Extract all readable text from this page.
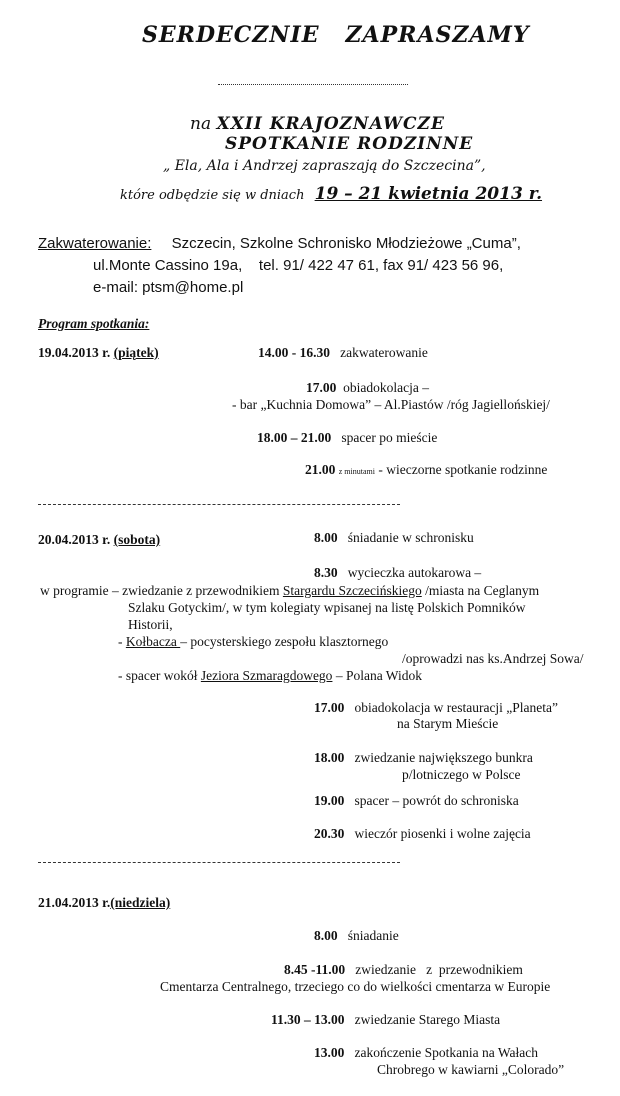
SERDECZNIE   ZAPRASZAMY
na XXII KRAJOZNAWCZE
SPOTKANIE RODZINNE
„ Ela, Ala i Andrzej zapraszają do Szczecina”,
które odbędzie się w dniach 19 – 21 kwietnia 2013 r.
Zakwaterowanie: Szczecin, Szkolne Schronisko Młodzieżowe „Cuma”,
ul.Monte Cassino 19a,    tel. 91/ 422 47 61, fax 91/ 423 56 96,
e-mail: ptsm@home.pl
Program spotkania:
19.04.2013 r. (piątek)	14.00 - 16.30 zakwaterowanie
17.00 obiadokolacja –
- bar „Kuchnia Domowa” – Al.Piastów /róg Jagiellońskiej/
18.00 – 21.00 spacer po mieście
21.00 z minutami - wieczorne spotkanie rodzinne
20.04.2013 r. (sobota)	8.00 śniadanie w schronisku
8.30 wycieczka autokarowa –
w programie – zwiedzanie z przewodnikiem Stargardu Szczecińskiego /miasta na Ceglanym
Szlaku Gotyckim/, w tym kolegiaty wpisanej na listę Polskich Pomników
Historii,
- Kołbacza – pocysterskiego zespołu klasztornego
/oprowadzi nas ks.Andrzej Sowa/
- spacer wokół Jeziora Szmaragdowego – Polana Widok
17.00 obiadokolacja w restauracji „Planeta”
na Starym Mieście
18.00 zwiedzanie największego bunkra
p/lotniczego w Polsce
19.00 spacer – powrót do schroniska
20.30 wieczór piosenki i wolne zajęcia
21.04.2013 r.(niedziela)
8.00 śniadanie
8.45 -11.00 zwiedzanie   z  przewodnikiem
Cmentarza Centralnego, trzeciego co do wielkości cmentarza w Europie
11.30 – 13.00 zwiedzanie Starego Miasta
13.00 zakończenie Spotkania na Wałach
Chrobrego w kawiarni „Colorado”
